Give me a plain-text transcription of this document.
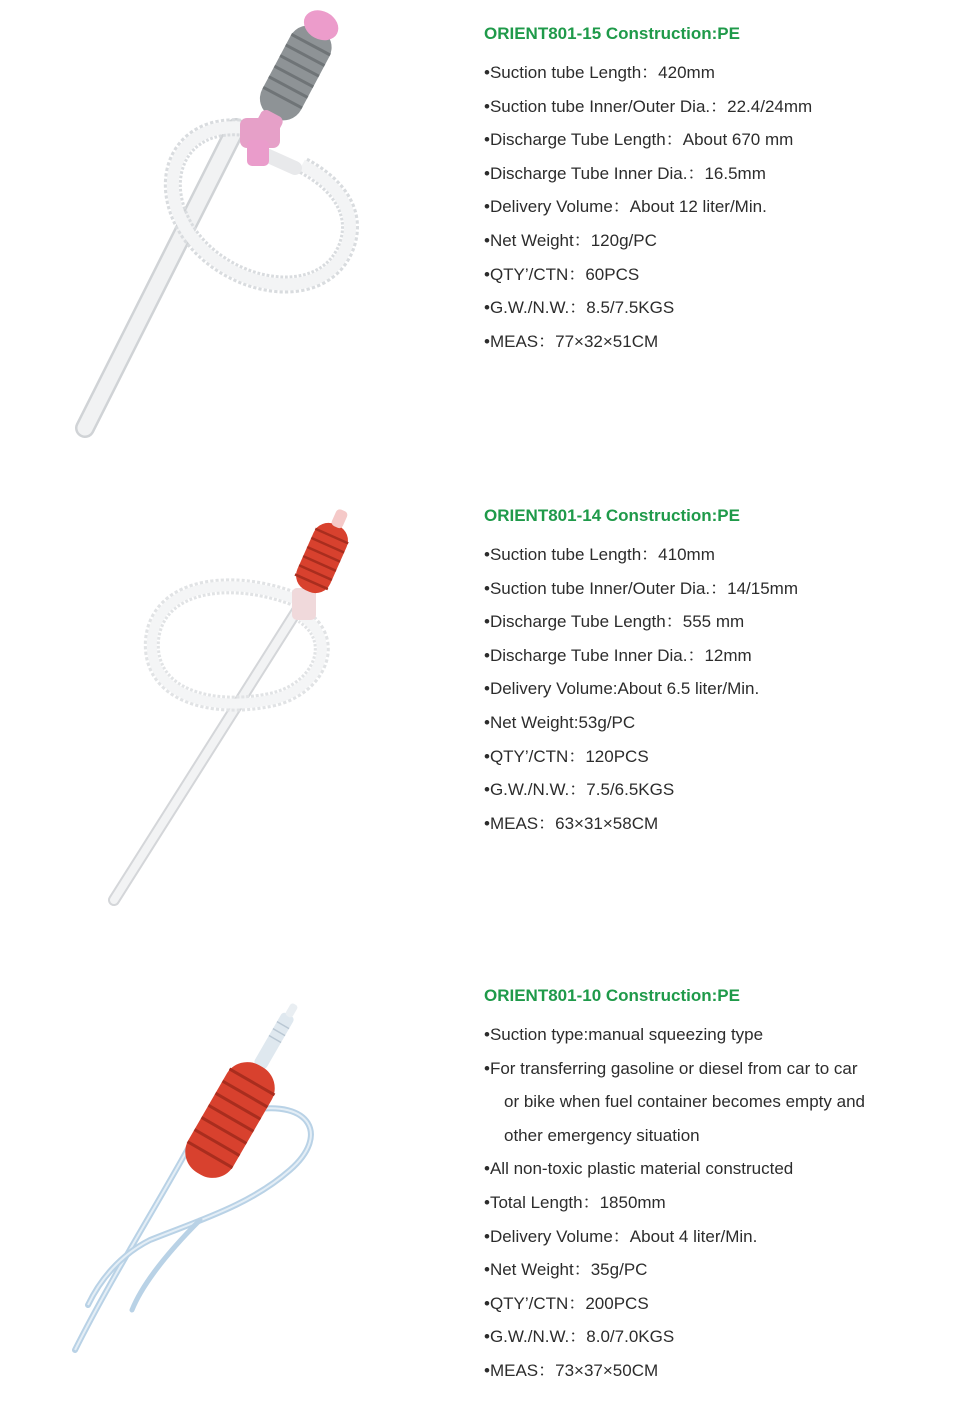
ORIENT801-15 Construction:PE
•Suction tube Length：420mm
•Suction tube Inner/Outer Dia.：22.4/24mm
•Discharge Tube Length：About 670 mm
•Discharge Tube Inner Dia.：16.5mm
•Delivery Volume：About 12 liter/Min.
•Net Weight：120g/PC
•QTY’/CTN：60PCS
•G.W./N.W.：8.5/7.5KGS
•MEAS：77×32×51CM
ORIENT801-14 Construction:PE
•Suction tube Length：410mm
•Suction tube Inner/Outer Dia.：14/15mm
•Discharge Tube Length：555 mm
•Discharge Tube Inner Dia.：12mm
•Delivery Volume:About 6.5 liter/Min.
•Net Weight:53g/PC
•QTY’/CTN：120PCS
•G.W./N.W.：7.5/6.5KGS
•MEAS：63×31×58CM
ORIENT801-10 Construction:PE
•Suction type:manual squeezing type
•For transferring gasoline or diesel from car to car
or bike when fuel container becomes empty and
other emergency situation
•All non-toxic plastic material constructed
•Total Length：1850mm
•Delivery Volume：About 4 liter/Min.
•Net Weight：35g/PC
•QTY’/CTN：200PCS
•G.W./N.W.：8.0/7.0KGS
•MEAS：73×37×50CM
